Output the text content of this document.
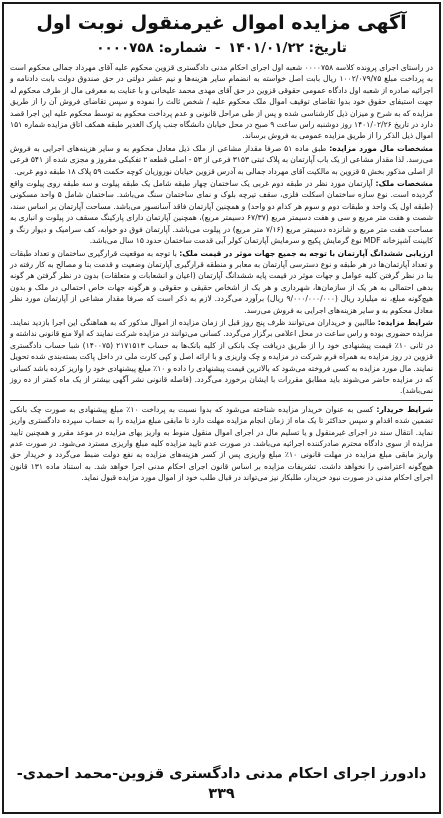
آگهی مزایده اموال غیرمنقول نوبت اول
تاریخ: ۱۴۰۱/۰۱/۲۲ - شماره: ۰۰۰۰۷۵۸

در راستای اجرای پرونده کلاسه ۰۰۰۰۷۵۸ شعبه اول اجرای احکام مدنی دادگستری قزوین محکوم علیه آقای مهرداد جمالی محکوم است به پرداخت مبلغ ۱۰۰۲/۰۷۹/۷۵ ریال بابت اصل خواسته به انضمام سایر هزینه‌ها و نیم عشر دولتی در حق صندوق دولت بابت دادنامه و اجرائیه صادره از شعبه اول دادگاه عمومی حقوقی قزوین در حق آقای مهدی محمد علیخانی و با عنایت به معرفی مال از طرف محکوم له جهت استیفای حقوق خود بدوا تقاضای توقیف اموال ملک محکوم علیه / شخص ثالث را نموده و سپس تقاضای فروش آن را از طریق مزایده که به شرح و میزان ذیل کارشناسی شده و پس از طی مراحل قانونی و عدم پرداخت محکوم به توسط محکوم علیه این اجرا قصد دارد در تاریخ ۱۴۰۱/۰۲/۲۶ روز دوشنبه راس ساعت ۹ صبح در محل خیابان دانشگاه جنب پارک الغدیر طبقه همکف اتاق مزایده شماره ۱۵۱ اموال ذیل الذکر را از طریق مزایده عمومی به فروش برساند.

مشخصات مال مورد مزایده: طبق ماده ۵۱ صرفا مقدار مشاعی از ملک ذیل معادل محکوم به و سایر هزینه‌های اجرایی به فروش می‌رسد. لذا مقدار مشاعی از یک باب آپارتمان به پلاک ثبتی ۳۱۵۳ فرعی از ۵۳ - اصلی قطعه ۲ تفکیکی مفروز و مجزی شده از ۵۴۱ فرعی از اصلی مذکور بخش ۵ قزوین به مالکیت آقای مهرداد جمالی به آدرس قزوین خیابان نوروزیان کوچه حکمت ۵۹ پلاک ۱۸ طبقه دوم غربی.

مشخصات ملک: آپارتمان مورد نظر در طبقه دوم غربی یک ساختمان چهار طبقه شامل یک طبقه پیلوت و سه طبقه روی پیلوت واقع گردیده است. نوع سازه ساختمان اسکلت فلزی، سقف تیرچه بلوک و نمای ساختمان سنگ می‌باشد. ساختمان شامل ۵ واحد مسکونی (طبقه اول یک واحد و طبقات دوم و سوم هر کدام دو واحد) و همچنین آپارتمان فاقد آسانسور می‌باشد. مساحت آپارتمان بر اساس سند، شصت و هفت متر مربع و سی و هفت دسیمتر مربع (۶۷/۳۷ دسیمتر مربع)، همچنین آپارتمان دارای پارکینگ مسقف در پیلوت و انباری به مساحت هفت متر مربع و شانزده دسیمتر مربع (۷/۱۶ متر مربع) در پیلوت می‌باشد. آپارتمان فوق دو خوابه، کف سرامیک و دیوار رنگ و کابینت آشپزخانه MDF نوع گرمایش پکیج و سرمایش آپارتمان کولر آبی قدمت ساختمان حدود ۱۵ سال می‌باشد.

ارزیابی ششدانگ آپارتمان با توجه به جمیع جهات موثر در قیمت ملک: با توجه به موقعیت قرارگیری ساختمان و تعداد طبقات و تعداد آپارتمان‌ها در هر طبقه و نوع دسترسی آپارتمان به معابر و منطقه قرارگیری آپارتمان وضعیت و قدمت بنا و مصالح به کار رفته در بنا در نظر گرفتن کلیه عوامل و جهات موثر در قیمت پایه ششدانگ آپارتمان (اعیان و انشعابات و متعلقات) بدون در نظر گرفتن هر گونه بدهی احتمالی به هر یک از سازمان‌ها، شهرداری و هر یک از اشخاص حقیقی و حقوقی و هرگونه جهات خاص احتمالی در ملک و بدون هیچ‌گونه مبلغ، نه میلیارد ریال (۹/۰۰۰/۰۰۰/۰۰۰ ریال) برآورد می‌گردد. لازم به ذکر است که صرفا مقدار مشاعی از آپارتمان مورد نظر معادل محکوم به و سایر هزینه‌های اجرایی به فروش می‌رسد.

شرایط مزایده: طالبین و خریداران می‌توانند ظرف پنج روز قبل از زمان مزایده از اموال مذکور که به هماهنگی این اجرا بازدید نمایند. مزایده حضوری بوده و راس ساعت در محل اعلامی برگزار می‌گردد. کسانی می‌توانند در مزایده شرکت نمایند که اولا منع قانونی نداشته و در ثانی ۱۰٪ قیمت پیشنهادی خود را از طریق دریافت چک بانکی از کلیه بانک‌ها به حساب ۲۱۷۱۵۱۳ (۱۴۰۰۷۵) شبا حساب دادگستری قزوین در روز مزایده به همراه فرم شرکت در مزایده و چک واریزی و با ارائه اصل و کپی کارت ملی در داخل پاکت بسته‌بندی شده تحویل نمایند. مال مورد مزایده به کسی فروخته می‌شود که بالاترین قیمت پیشنهادی را داده و ۱۰٪ مبلغ پیشنهادی خود را واریز کرده باشد کسانی که در مزایده حاضر می‌شوند باید مطابق مقررات با ایشان برخورد می‌گردد. (فاصله قانونی نشر آگهی بیشتر از یک ماه کمتر از ده روز نمی‌باشد).

شرایط خریدار: کسی به عنوان خریدار مزایده شناخته می‌شود که بدوا نسبت به پرداخت ۱۰٪ مبلغ پیشنهادی به صورت چک بانکی تضمین شده اقدام و سپس حداکثر تا یک ماه از زمان انجام مزایده مهلت دارد تا مابقی مبلغ مزایده را به حساب سپرده دادگستری واریز نماید. انتقال سند در اجرای غیرمنقول و یا تسلیم مال در اجرای اموال منقول منوط به واریز بهای مزایده در موعد مقرر و همچنین تایید مزایده از سوی دادگاه محترم صادرکننده اجرائیه می‌باشد. در صورت عدم تایید مزایده کلیه مبلغ واریزی مسترد می‌شود. در صورت عدم واریز مابقی مبلغ مزایده در مهلت قانونی ۱۰٪ مبلغ واریزی پس از کسر هزینه‌های مزایده به نفع دولت ضبط می‌گردد و خریدار حق هیچ‌گونه اعتراضی را نخواهد داشت. تشریفات مزایده بر اساس قانون اجرای احکام مدنی اجرا خواهد شد. به استناد ماده ۱۳۱ قانون اجرای احکام مدنی در صورت نبود خریدار، طلبکار نیز می‌تواند در قبال طلب خود از اموال مورد مزایده قبول نماید.

دادورز اجرای احکام مدنی دادگستری قزوین-محمد احمدی- ۳۳۹
